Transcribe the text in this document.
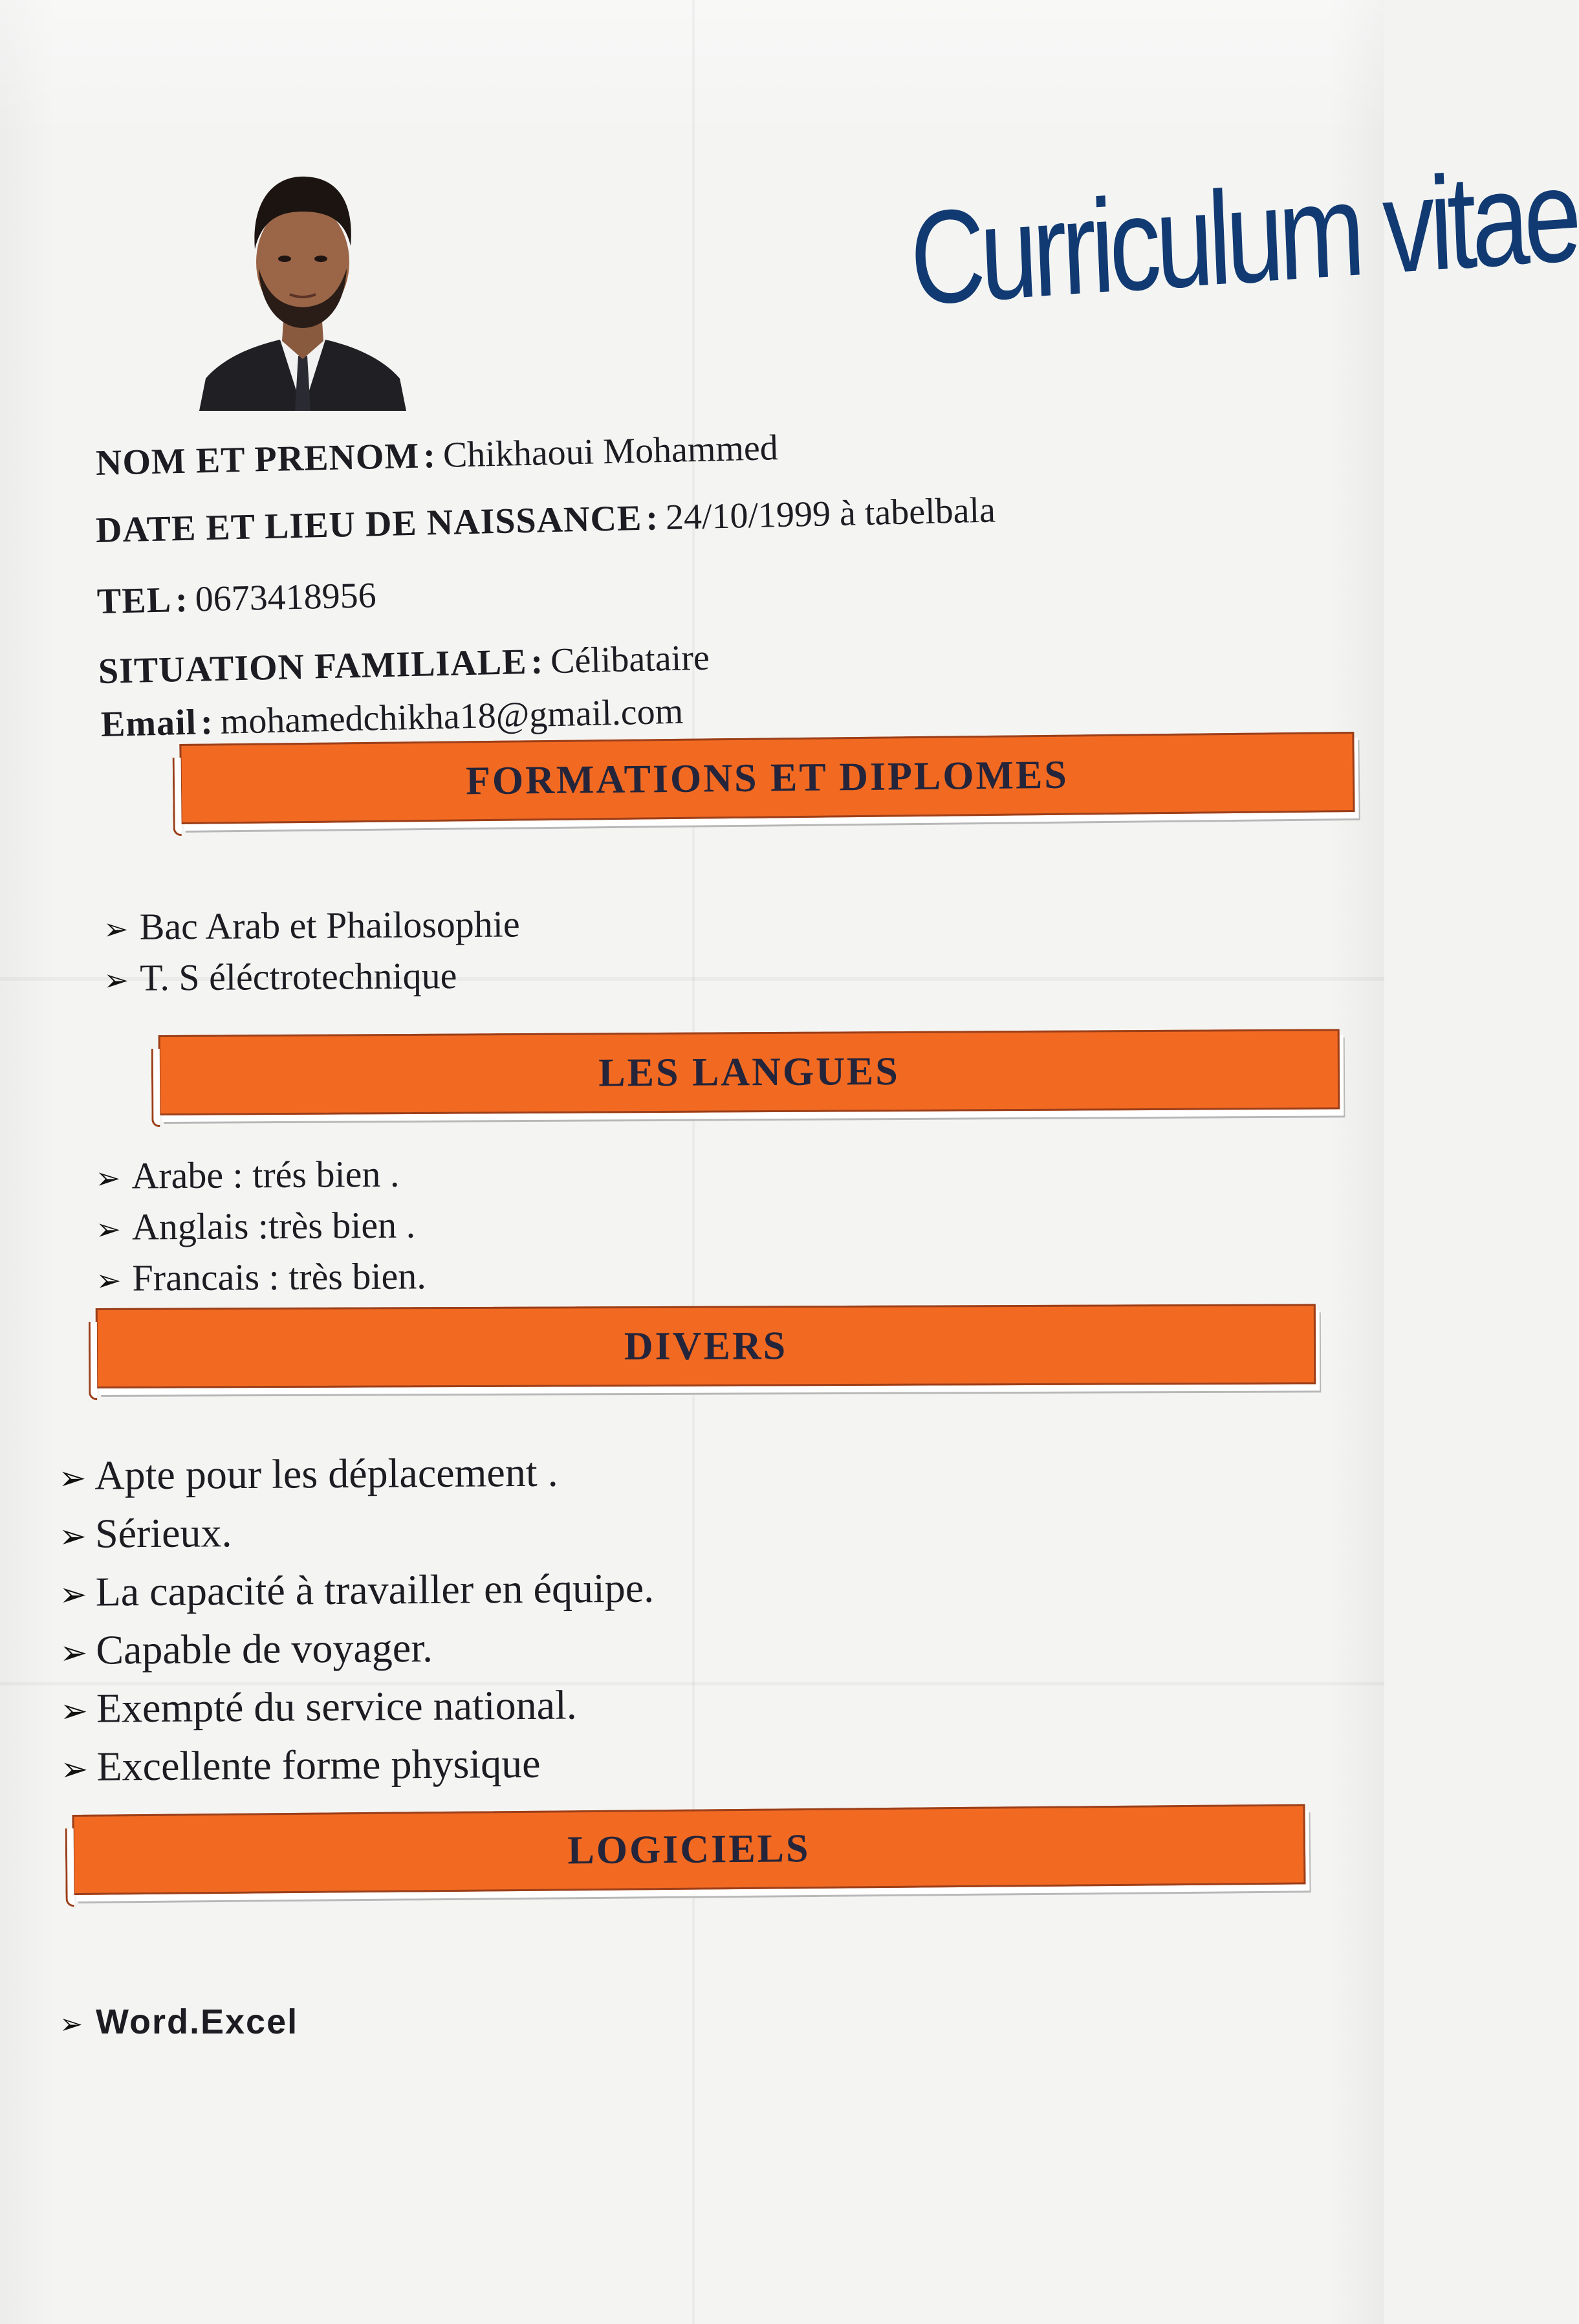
Curriculum vitae
NOM ET PRENOM: Chikhaoui Mohammed
DATE ET LIEU DE NAISSANCE: 24/10/1999 à tabelbala
TEL: 0673418956
SITUATION FAMILIALE: Célibataire
Email: mohamedchikha18@gmail.com
FORMATIONS ET DIPLOMES
➢ Bac Arab et Phailosophie
➢ T. S éléctrotechnique
LES LANGUES
➢ Arabe : trés bien .
➢ Anglais :très bien .
➢ Francais : très bien.
DIVERS
➢ Apte pour les déplacement .
➢ Sérieux.
➢ La capacité à travailler en équipe.
➢ Capable de voyager.
➢ Exempté du service national.
➢ Excellente forme physique
LOGICIELS
➢ Word.Excel
